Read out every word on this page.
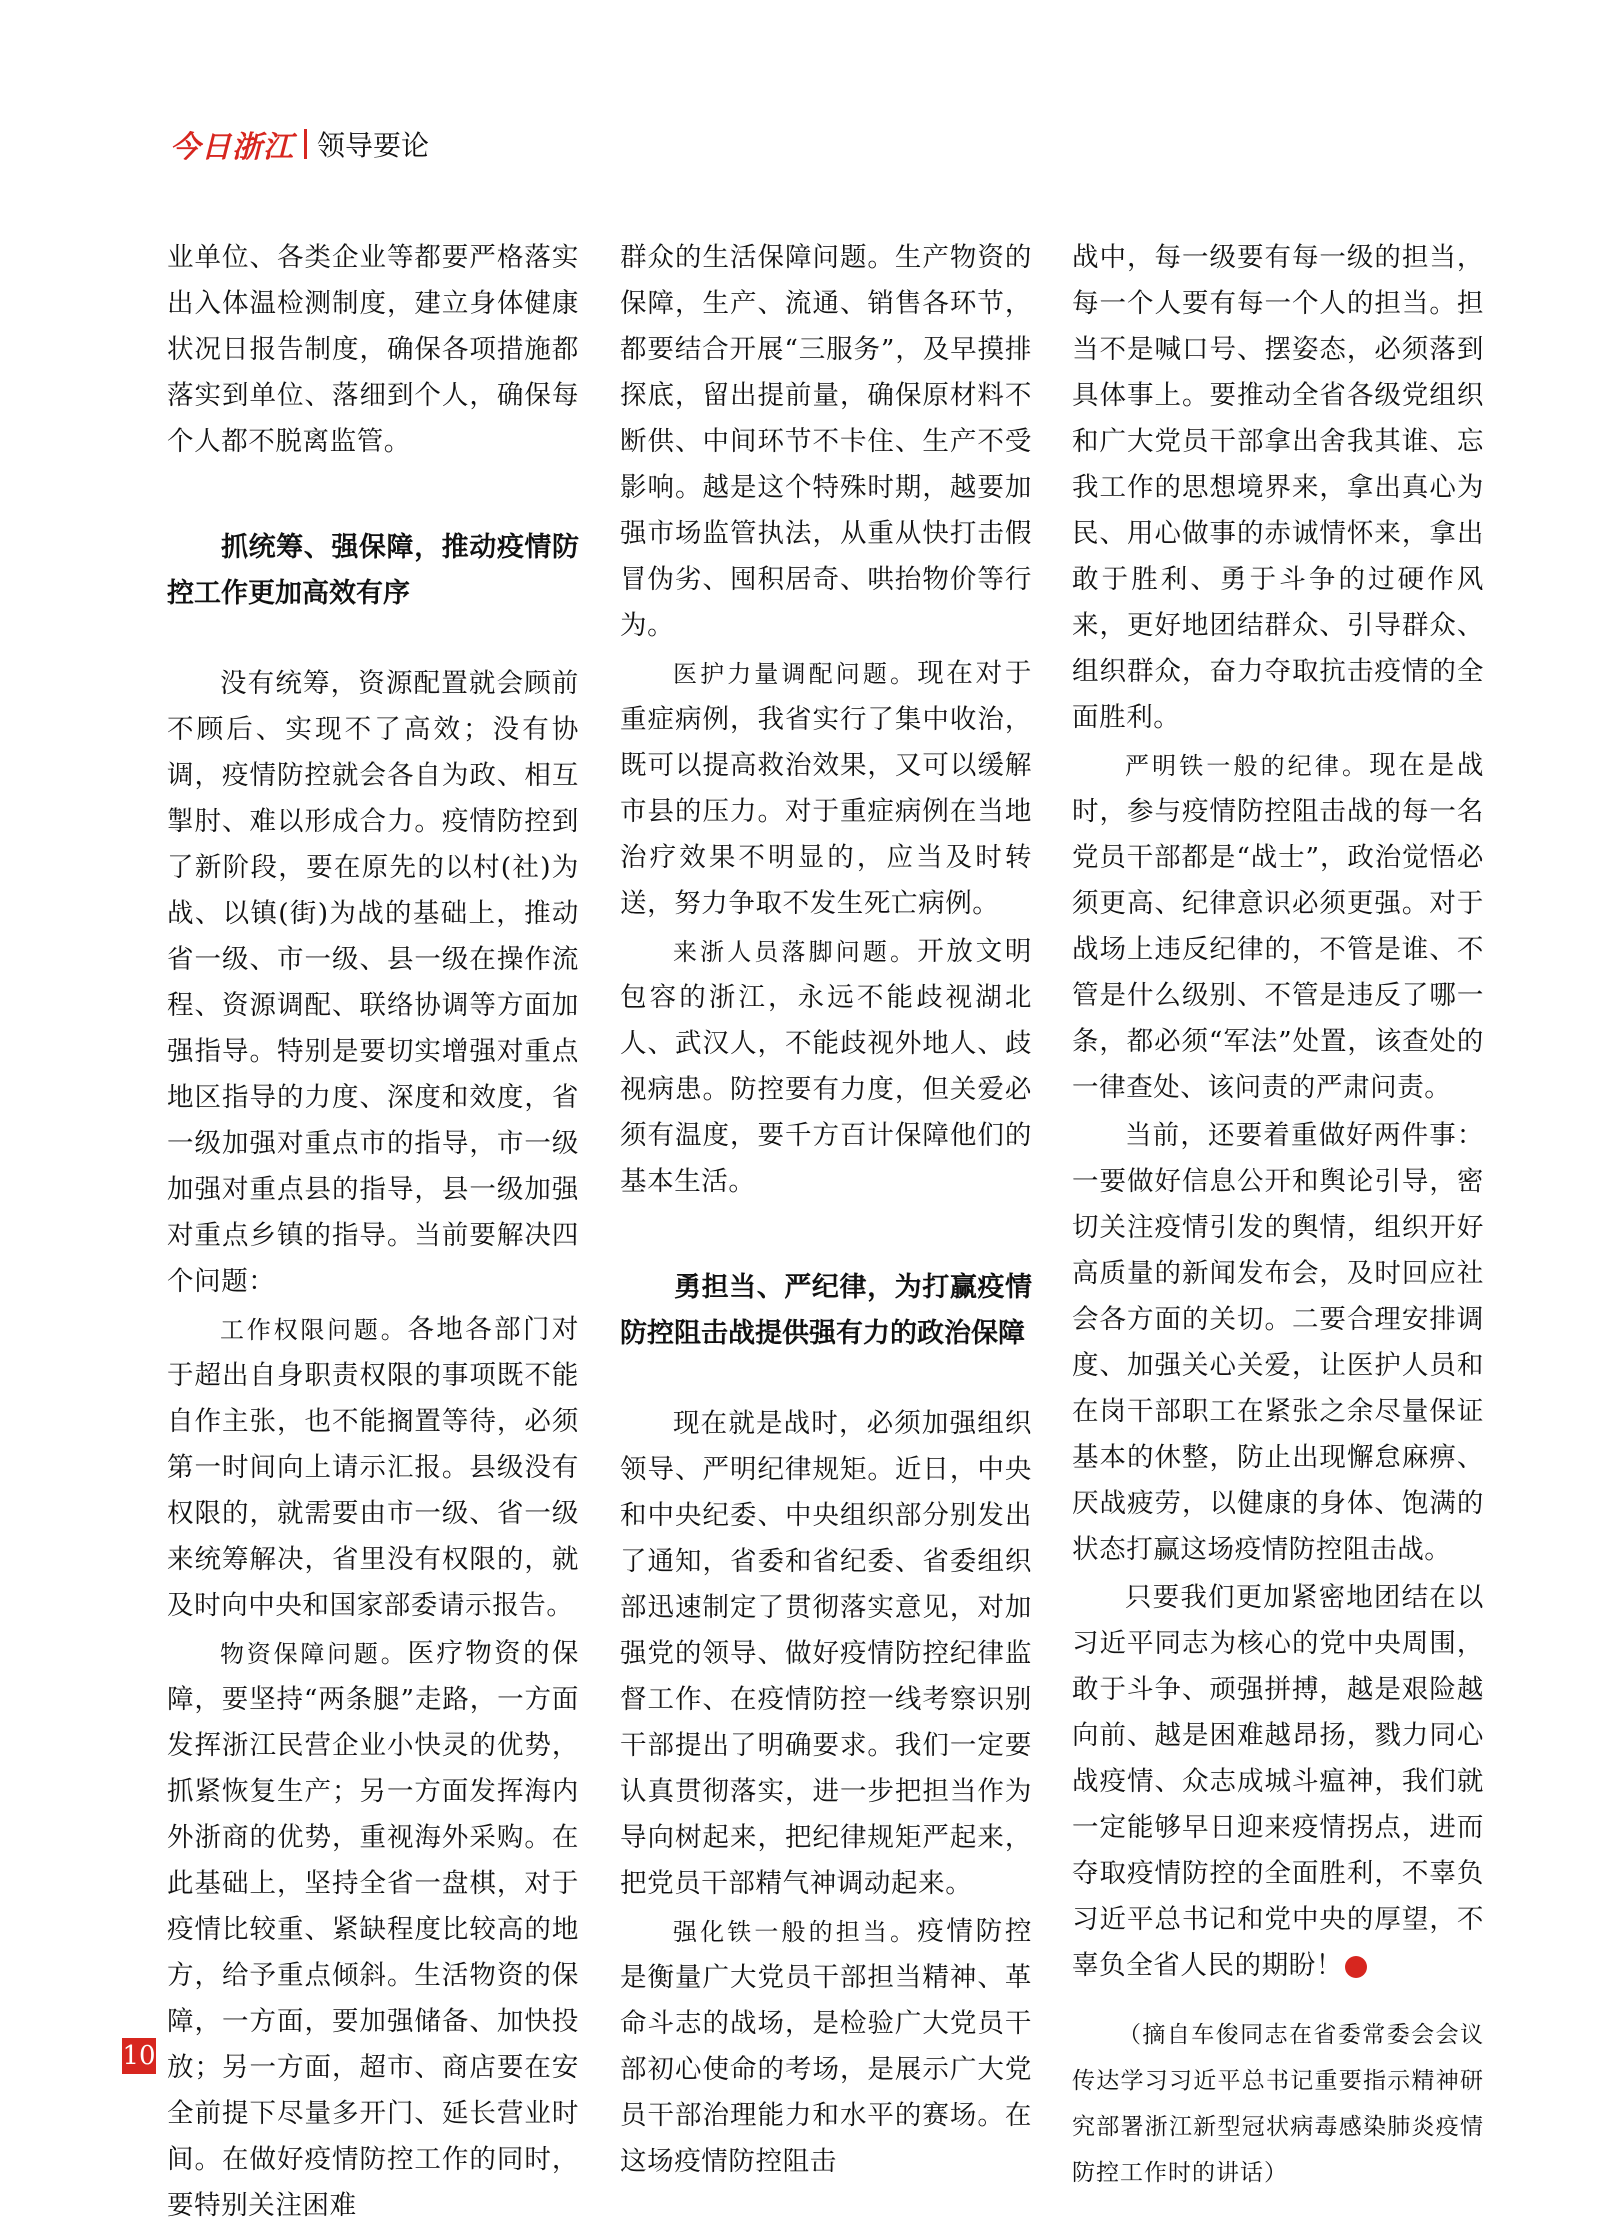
今日浙江 领导要论

业单位、各类企业等都要严格落实出入体温检测制度，建立身体健康状况日报告制度，确保各项措施都落实到单位、落细到个人，确保每个人都不脱离监管。

抓统筹、强保障，推动疫情防控工作更加高效有序

没有统筹，资源配置就会顾前不顾后、实现不了高效；没有协调，疫情防控就会各自为政、相互掣肘、难以形成合力。疫情防控到了新阶段，要在原先的以村(社)为战、以镇(街)为战的基础上，推动省一级、市一级、县一级在操作流程、资源调配、联络协调等方面加强指导。特别是要切实增强对重点地区指导的力度、深度和效度，省一级加强对重点市的指导，市一级加强对重点县的指导，县一级加强对重点乡镇的指导。当前要解决四个问题：

工作权限问题。各地各部门对于超出自身职责权限的事项既不能自作主张，也不能搁置等待，必须第一时间向上请示汇报。县级没有权限的，就需要由市一级、省一级来统筹解决，省里没有权限的，就及时向中央和国家部委请示报告。

物资保障问题。医疗物资的保障，要坚持“两条腿”走路，一方面发挥浙江民营企业小快灵的优势，抓紧恢复生产；另一方面发挥海内外浙商的优势，重视海外采购。在此基础上，坚持全省一盘棋，对于疫情比较重、紧缺程度比较高的地方，给予重点倾斜。生活物资的保障，一方面，要加强储备、加快投放；另一方面，超市、商店要在安全前提下尽量多开门、延长营业时间。在做好疫情防控工作的同时，要特别关注困难

群众的生活保障问题。生产物资的保障，生产、流通、销售各环节，都要结合开展“三服务”，及早摸排探底，留出提前量，确保原材料不断供、中间环节不卡住、生产不受影响。越是这个特殊时期，越要加强市场监管执法，从重从快打击假冒伪劣、囤积居奇、哄抬物价等行为。

医护力量调配问题。现在对于重症病例，我省实行了集中收治，既可以提高救治效果，又可以缓解市县的压力。对于重症病例在当地治疗效果不明显的，应当及时转送，努力争取不发生死亡病例。

来浙人员落脚问题。开放文明包容的浙江，永远不能歧视湖北人、武汉人，不能歧视外地人、歧视病患。防控要有力度，但关爱必须有温度，要千方百计保障他们的基本生活。

勇担当、严纪律，为打赢疫情防控阻击战提供强有力的政治保障

现在就是战时，必须加强组织领导、严明纪律规矩。近日，中央和中央纪委、中央组织部分别发出了通知，省委和省纪委、省委组织部迅速制定了贯彻落实意见，对加强党的领导、做好疫情防控纪律监督工作、在疫情防控一线考察识别干部提出了明确要求。我们一定要认真贯彻落实，进一步把担当作为导向树起来，把纪律规矩严起来，把党员干部精气神调动起来。

强化铁一般的担当。疫情防控是衡量广大党员干部担当精神、革命斗志的战场，是检验广大党员干部初心使命的考场，是展示广大党员干部治理能力和水平的赛场。在这场疫情防控阻击

战中，每一级要有每一级的担当，每一个人要有每一个人的担当。担当不是喊口号、摆姿态，必须落到具体事上。要推动全省各级党组织和广大党员干部拿出舍我其谁、忘我工作的思想境界来，拿出真心为民、用心做事的赤诚情怀来，拿出敢于胜利、勇于斗争的过硬作风来，更好地团结群众、引导群众、组织群众，奋力夺取抗击疫情的全面胜利。

严明铁一般的纪律。现在是战时，参与疫情防控阻击战的每一名党员干部都是“战士”，政治觉悟必须更高、纪律意识必须更强。对于战场上违反纪律的，不管是谁、不管是什么级别、不管是违反了哪一条，都必须“军法”处置，该查处的一律查处、该问责的严肃问责。

当前，还要着重做好两件事：一要做好信息公开和舆论引导，密切关注疫情引发的舆情，组织开好高质量的新闻发布会，及时回应社会各方面的关切。二要合理安排调度、加强关心关爱，让医护人员和在岗干部职工在紧张之余尽量保证基本的休整，防止出现懈怠麻痹、厌战疲劳，以健康的身体、饱满的状态打赢这场疫情防控阻击战。

只要我们更加紧密地团结在以习近平同志为核心的党中央周围，敢于斗争、顽强拼搏，越是艰险越向前、越是困难越昂扬，戮力同心战疫情、众志成城斗瘟神，我们就一定能够早日迎来疫情拐点，进而夺取疫情防控的全面胜利，不辜负习近平总书记和党中央的厚望，不辜负全省人民的期盼！

（摘自车俊同志在省委常委会会议传达学习习近平总书记重要指示精神研究部署浙江新型冠状病毒感染肺炎疫情防控工作时的讲话）

10
